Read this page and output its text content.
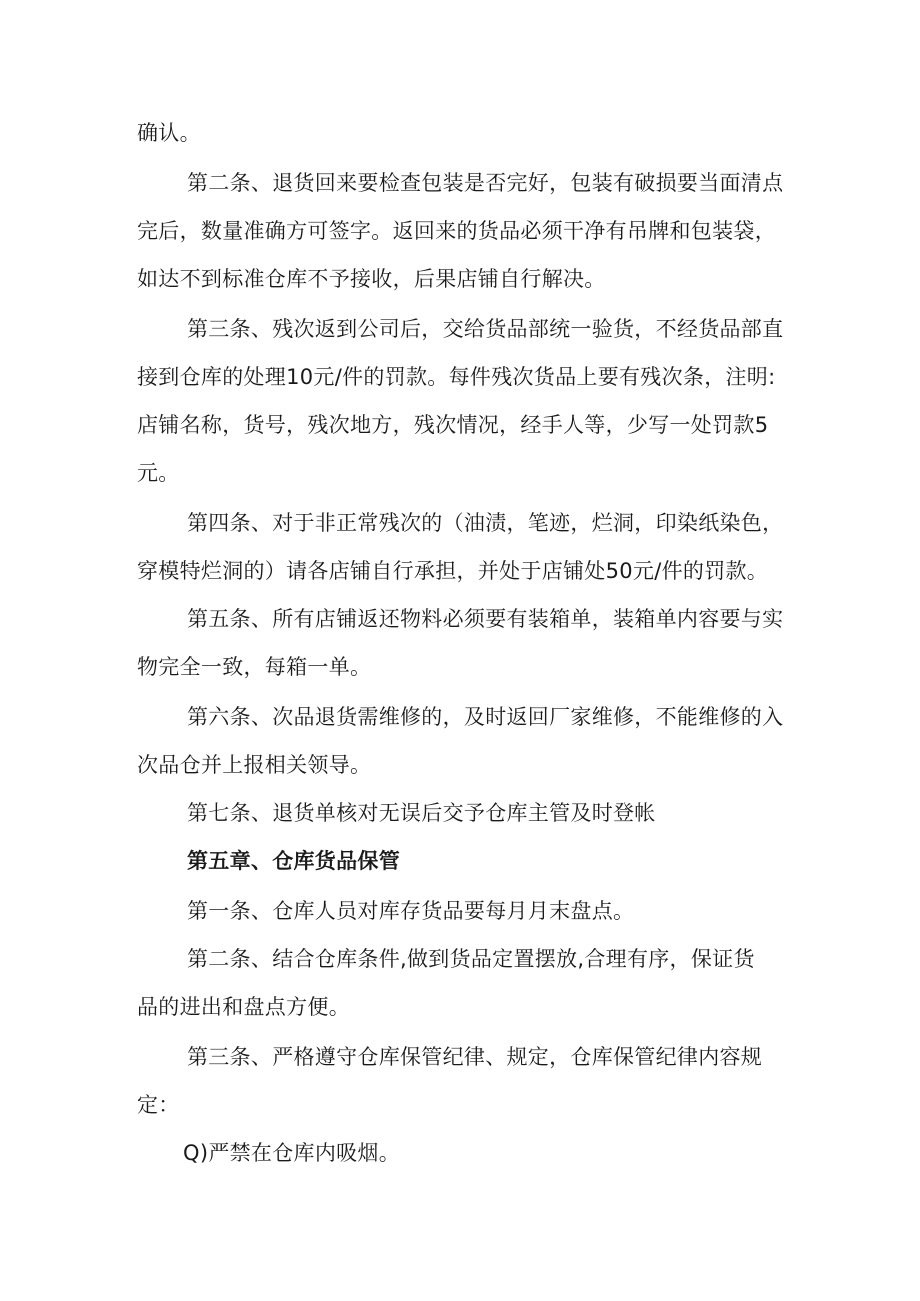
确认。

第二条、退货回来要检查包装是否完好，包装有破损要当面清点

完后，数量准确方可签字。返回来的货品必须干净有吊牌和包装袋，

如达不到标准仓库不予接收，后果店铺自行解决。

第三条、残次返到公司后，交给货品部统一验货，不经货品部直

接到仓库的处理10元/件的罚款。每件残次货品上要有残次条，注明:

店铺名称，货号，残次地方，残次情况，经手人等，少写一处罚款5

元。

第四条、对于非正常残次的（油渍，笔迹，烂洞，印染纸染色，

穿模特烂洞的）请各店铺自行承担，并处于店铺处50元/件的罚款。

第五条、所有店铺返还物料必须要有装箱单，装箱单内容要与实

物完全一致，每箱一单。

第六条、次品退货需维修的，及时返回厂家维修，不能维修的入

次品仓并上报相关领导。

第七条、退货单核对无误后交予仓库主管及时登帐

第五章、仓库货品保管

第一条、仓库人员对库存货品要每月月末盘点。

第二条、结合仓库条件,做到货品定置摆放,合理有序，保证货

品的进出和盘点方便。

第三条、严格遵守仓库保管纪律、规定，仓库保管纪律内容规

定：

Q)严禁在仓库内吸烟。
